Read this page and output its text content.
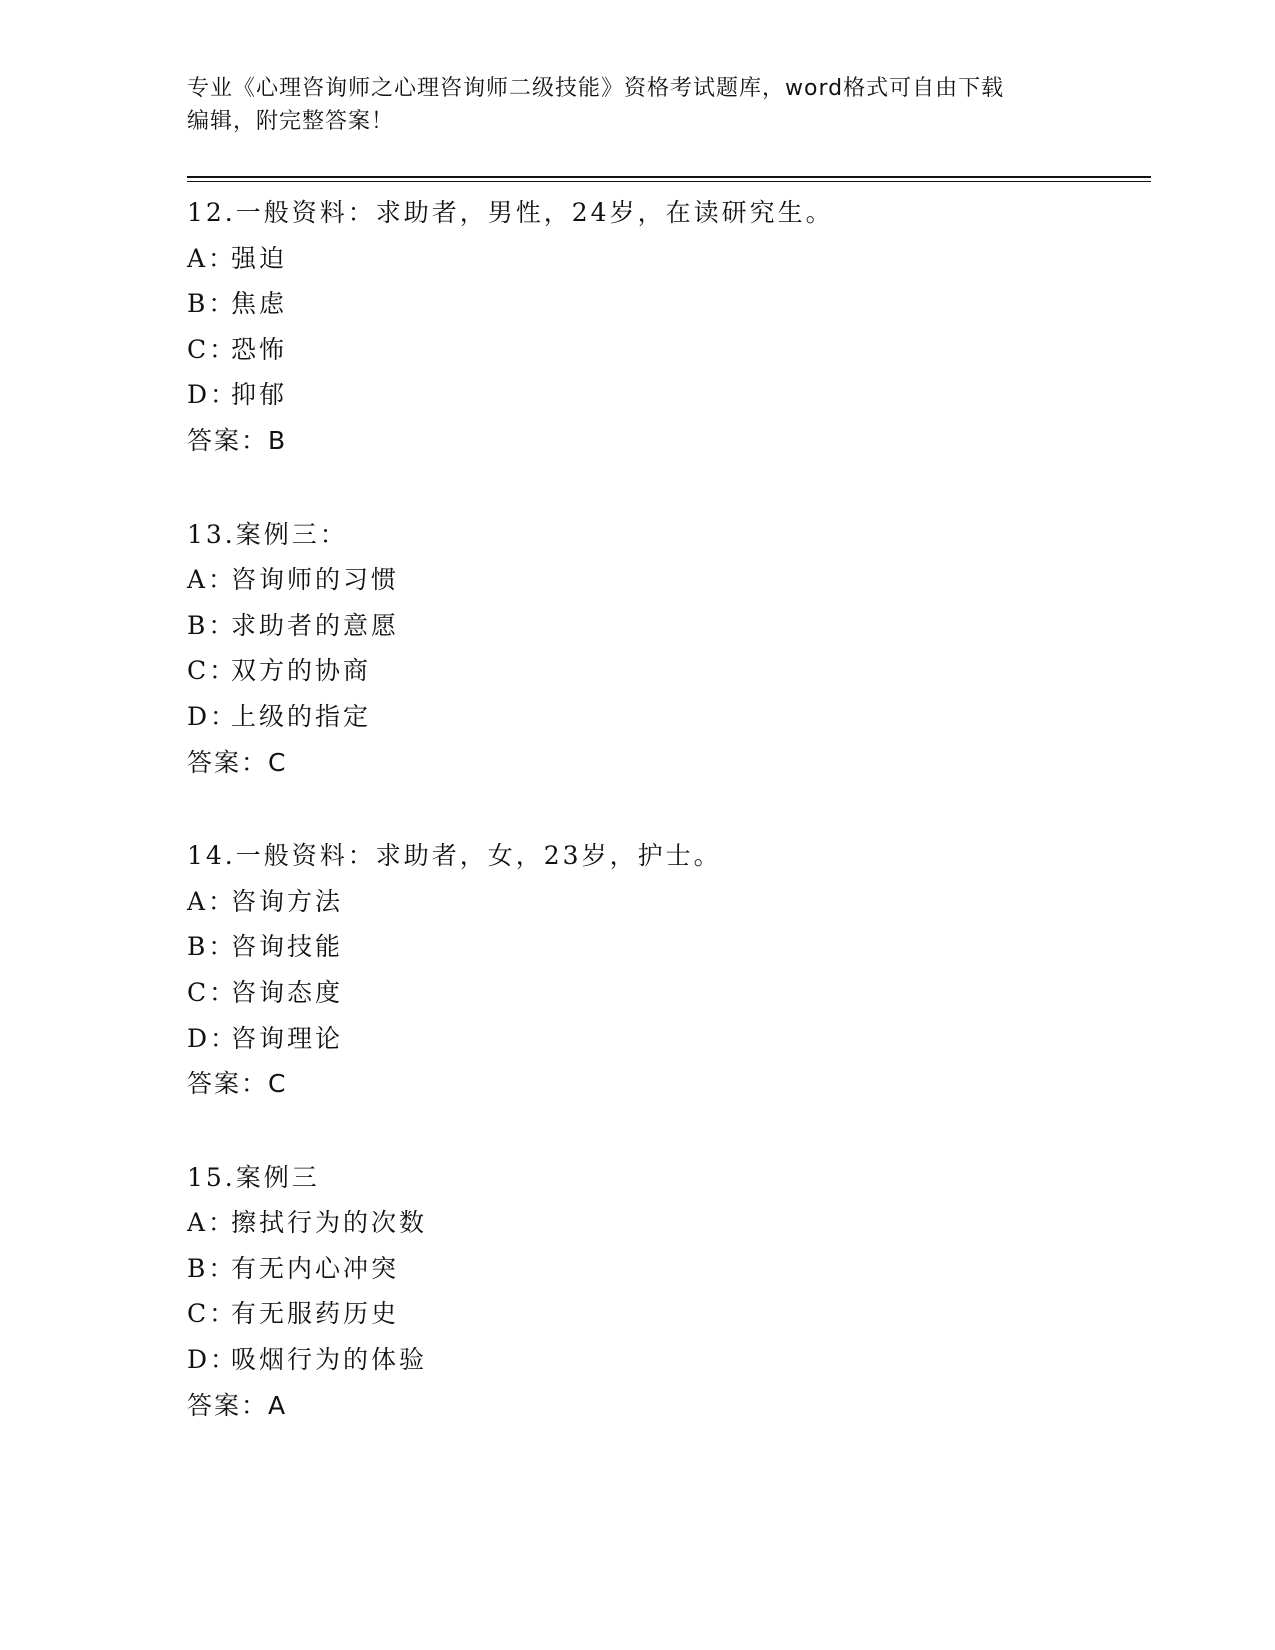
专业《心理咨询师之心理咨询师二级技能》资格考试题库，word格式可自由下载
编辑，附完整答案！
12.一般资料：求助者，男性，24岁，在读研究生。
A：强迫
B：焦虑
C：恐怖
D：抑郁
答案：B
13.案例三：
A：咨询师的习惯
B：求助者的意愿
C：双方的协商
D：上级的指定
答案：C
14.一般资料：求助者，女，23岁，护士。
A：咨询方法
B：咨询技能
C：咨询态度
D：咨询理论
答案：C
15.案例三
A：擦拭行为的次数
B：有无内心冲突
C：有无服药历史
D：吸烟行为的体验
答案：A
